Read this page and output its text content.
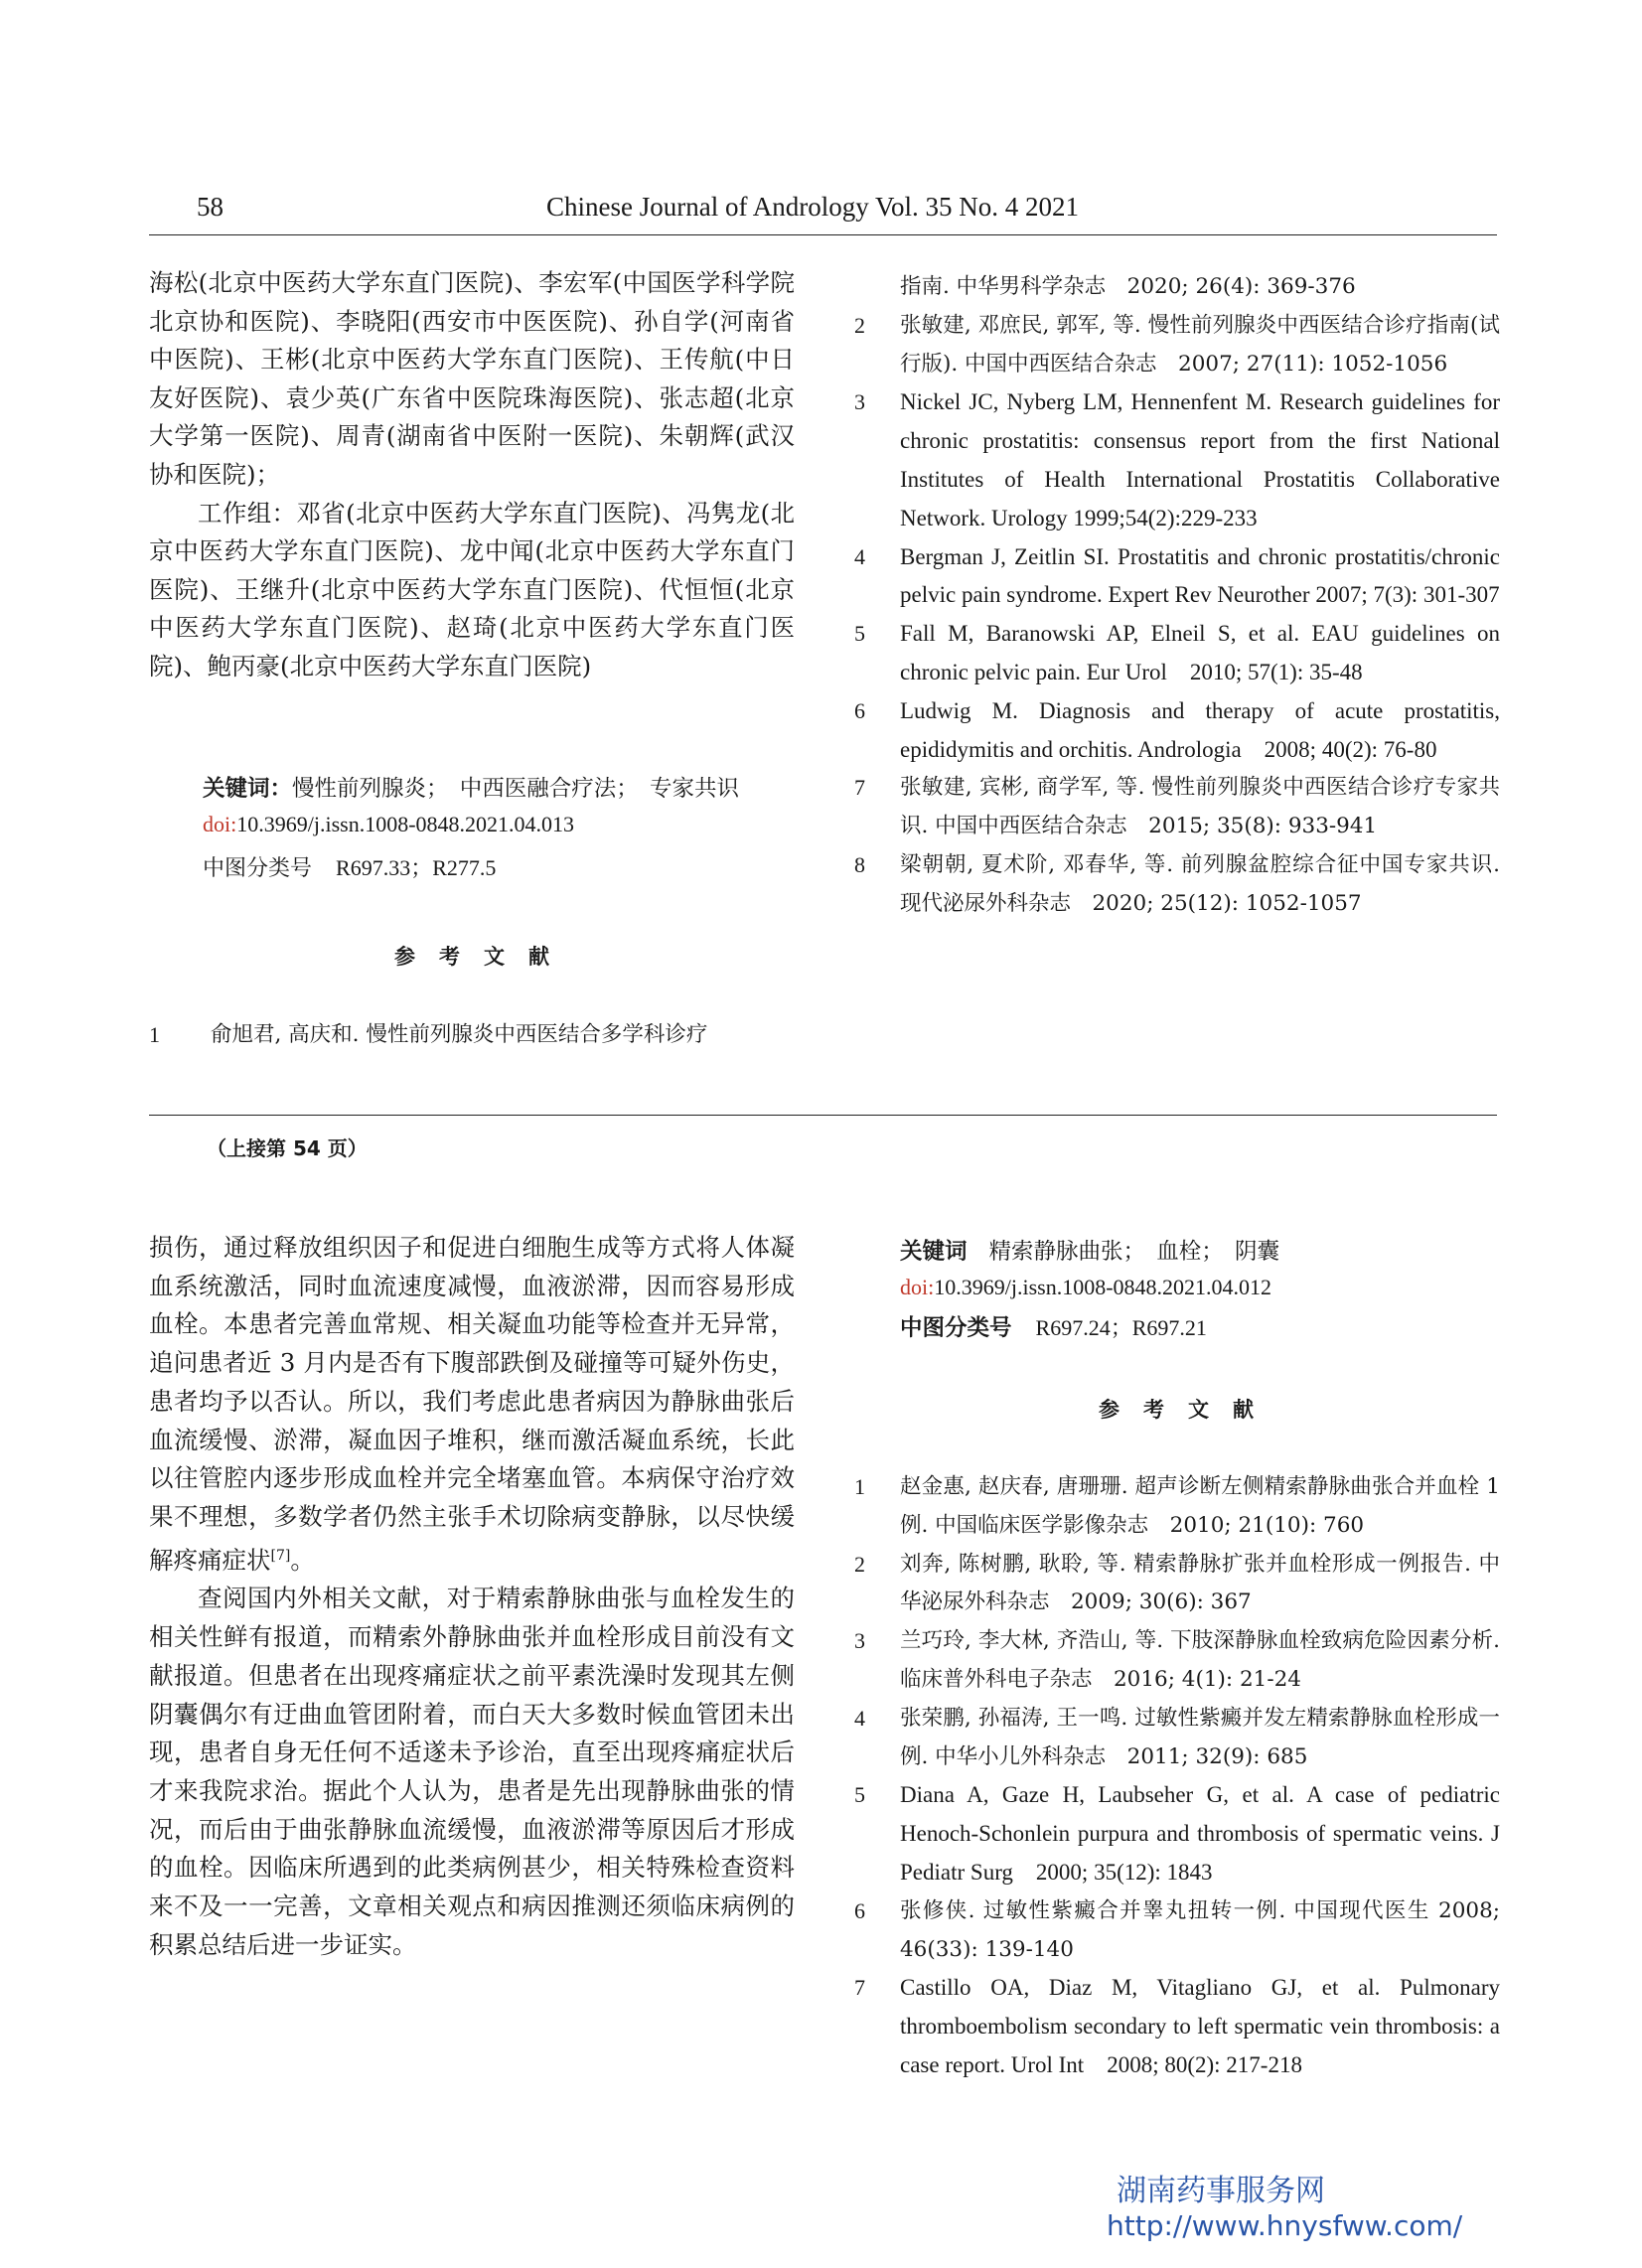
58	Chinese Journal of Andrology Vol. 35 No. 4 2021

海松(北京中医药大学东直门医院)、李宏军(中国医学科学院北京协和医院)、李晓阳(西安市中医医院)、孙自学(河南省中医院)、王彬(北京中医药大学东直门医院)、王传航(中日友好医院)、袁少英(广东省中医院珠海医院)、张志超(北京大学第一医院)、周青(湖南省中医附一医院)、朱朝辉(武汉协和医院)；

工作组：邓省(北京中医药大学东直门医院)、冯隽龙(北京中医药大学东直门医院)、龙中闻(北京中医药大学东直门医院)、王继升(北京中医药大学东直门医院)、代恒恒(北京中医药大学东直门医院)、赵琦(北京中医药大学东直门医院)、鲍丙豪(北京中医药大学东直门医院)

关键词：慢性前列腺炎；　中西医融合疗法；　专家共识
doi:10.3969/j.issn.1008-0848.2021.04.013
中图分类号 R697.33；R277.5
参 考 文 献
1 俞旭君, 高庆和. 慢性前列腺炎中西医结合多学科诊疗
指南. 中华男科学杂志　2020; 26(4): 369-376
2 张敏建, 邓庶民, 郭军, 等. 慢性前列腺炎中西医结合诊疗指南(试行版). 中国中西医结合杂志　2007; 27(11): 1052-1056
3 Nickel JC, Nyberg LM, Hennenfent M. Research guidelines for chronic prostatitis: consensus report from the first National Institutes of Health International Prostatitis Collaborative Network. Urology 1999;54(2):229-233
4 Bergman J, Zeitlin SI. Prostatitis and chronic prostatitis/chronic pelvic pain syndrome. Expert Rev Neurother 2007; 7(3): 301-307
5 Fall M, Baranowski AP, Elneil S, et al. EAU guidelines on chronic pelvic pain. Eur Urol　2010; 57(1): 35-48
6 Ludwig M. Diagnosis and therapy of acute prostatitis, epididymitis and orchitis. Andrologia　2008; 40(2): 76-80
7 张敏建, 宾彬, 商学军, 等. 慢性前列腺炎中西医结合诊疗专家共识. 中国中西医结合杂志　2015; 35(8): 933-941
8 梁朝朝, 夏术阶, 邓春华, 等. 前列腺盆腔综合征中国专家共识. 现代泌尿外科杂志　2020; 25(12): 1052-1057
（上接第 54 页）

损伤，通过释放组织因子和促进白细胞生成等方式将人体凝血系统激活，同时血流速度减慢，血液淤滞，因而容易形成血栓。本患者完善血常规、相关凝血功能等检查并无异常，追问患者近 3 月内是否有下腹部跌倒及碰撞等可疑外伤史，患者均予以否认。所以，我们考虑此患者病因为静脉曲张后血流缓慢、淤滞，凝血因子堆积，继而激活凝血系统，长此以往管腔内逐步形成血栓并完全堵塞血管。本病保守治疗效果不理想，多数学者仍然主张手术切除病变静脉，以尽快缓解疼痛症状[7]。

查阅国内外相关文献，对于精索静脉曲张与血栓发生的相关性鲜有报道，而精索外静脉曲张并血栓形成目前没有文献报道。但患者在出现疼痛症状之前平素洗澡时发现其左侧阴囊偶尔有迂曲血管团附着，而白天大多数时候血管团未出现，患者自身无任何不适遂未予诊治，直至出现疼痛症状后才来我院求治。据此个人认为，患者是先出现静脉曲张的情况，而后由于曲张静脉血流缓慢，血液淤滞等原因后才形成的血栓。因临床所遇到的此类病例甚少，相关特殊检查资料来不及一一完善，文章相关观点和病因推测还须临床病例的积累总结后进一步证实。

关键词 精索静脉曲张；　血栓；　阴囊
doi:10.3969/j.issn.1008-0848.2021.04.012
中图分类号 R697.24；R697.21
参 考 文 献
1 赵金惠, 赵庆春, 唐珊珊. 超声诊断左侧精索静脉曲张合并血栓 1 例. 中国临床医学影像杂志　2010; 21(10): 760
2 刘奔, 陈树鹏, 耿聆, 等. 精索静脉扩张并血栓形成一例报告. 中华泌尿外科杂志　2009; 30(6): 367
3 兰巧玲, 李大林, 齐浩山, 等. 下肢深静脉血栓致病危险因素分析. 临床普外科电子杂志　2016; 4(1): 21-24
4 张荣鹏, 孙福涛, 王一鸣. 过敏性紫癜并发左精索静脉血栓形成一例. 中华小儿外科杂志　2011; 32(9): 685
5 Diana A, Gaze H, Laubseher G, et al. A case of pediatric Henoch-Schonlein purpura and thrombosis of spermatic veins. J Pediatr Surg　2000; 35(12): 1843
6 张修侠. 过敏性紫癜合并睾丸扭转一例. 中国现代医生 2008; 46(33): 139-140
7 Castillo OA, Diaz M, Vitagliano GJ, et al. Pulmonary thromboembolism secondary to left spermatic vein thrombosis: a case report. Urol Int　2008; 80(2): 217-218
湖南药事服务网
http://www.hnysfww.com/
